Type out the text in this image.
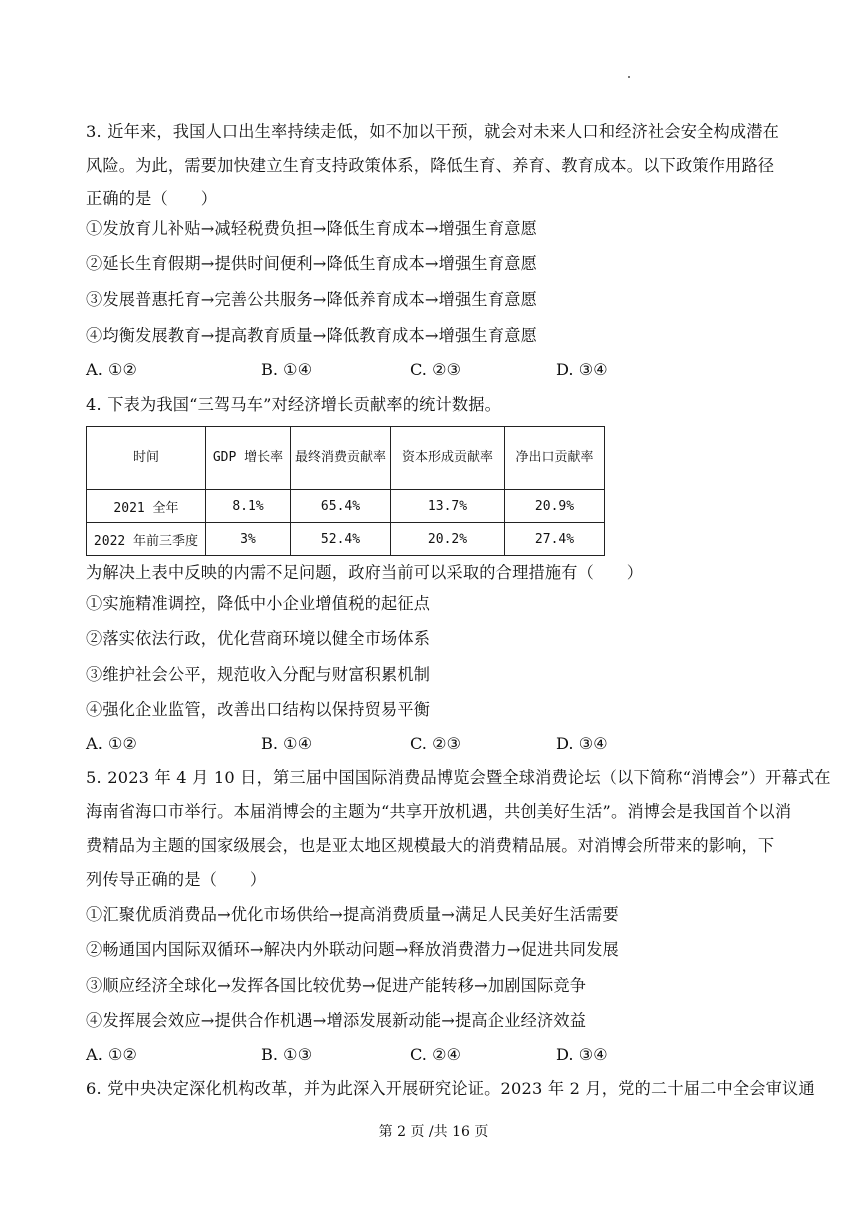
3. 近年来，我国人口出生率持续走低，如不加以干预，就会对未来人口和经济社会安全构成潜在
风险。为此，需要加快建立生育支持政策体系，降低生育、养育、教育成本。以下政策作用路径
正确的是（　　）
①发放育儿补贴→减轻税费负担→降低生育成本→增强生育意愿
②延长生育假期→提供时间便利→降低生育成本→增强生育意愿
③发展普惠托育→完善公共服务→降低养育成本→增强生育意愿
④均衡发展教育→提高教育质量→降低教育成本→增强生育意愿
A. ①②	B. ①④	C. ②③	D. ③④
4. 下表为我国“三驾马车”对经济增长贡献率的统计数据。
时间	GDP 增长率	最终消费贡献率	资本形成贡献率	净出口贡献率
2021 全年	8.1%	65.4%	13.7%	20.9%
2022 年前三季度	3%	52.4%	20.2%	27.4%
为解决上表中反映的内需不足问题，政府当前可以采取的合理措施有（　　）
①实施精准调控，降低中小企业增值税的起征点
②落实依法行政，优化营商环境以健全市场体系
③维护社会公平，规范收入分配与财富积累机制
④强化企业监管，改善出口结构以保持贸易平衡
A. ①②	B. ①④	C. ②③	D. ③④
5. 2023 年 4 月 10 日，第三届中国国际消费品博览会暨全球消费论坛（以下简称“消博会”）开幕式在
海南省海口市举行。本届消博会的主题为“共享开放机遇，共创美好生活”。消博会是我国首个以消
费精品为主题的国家级展会，也是亚太地区规模最大的消费精品展。对消博会所带来的影响，下
列传导正确的是（　　）
①汇聚优质消费品→优化市场供给→提高消费质量→满足人民美好生活需要
②畅通国内国际双循环→解决内外联动问题→释放消费潜力→促进共同发展
③顺应经济全球化→发挥各国比较优势→促进产能转移→加剧国际竞争
④发挥展会效应→提供合作机遇→增添发展新动能→提高企业经济效益
A. ①②	B. ①③	C. ②④	D. ③④
6. 党中央决定深化机构改革，并为此深入开展研究论证。2023 年 2 月，党的二十届二中全会审议通
第 2 页 /共 16 页
